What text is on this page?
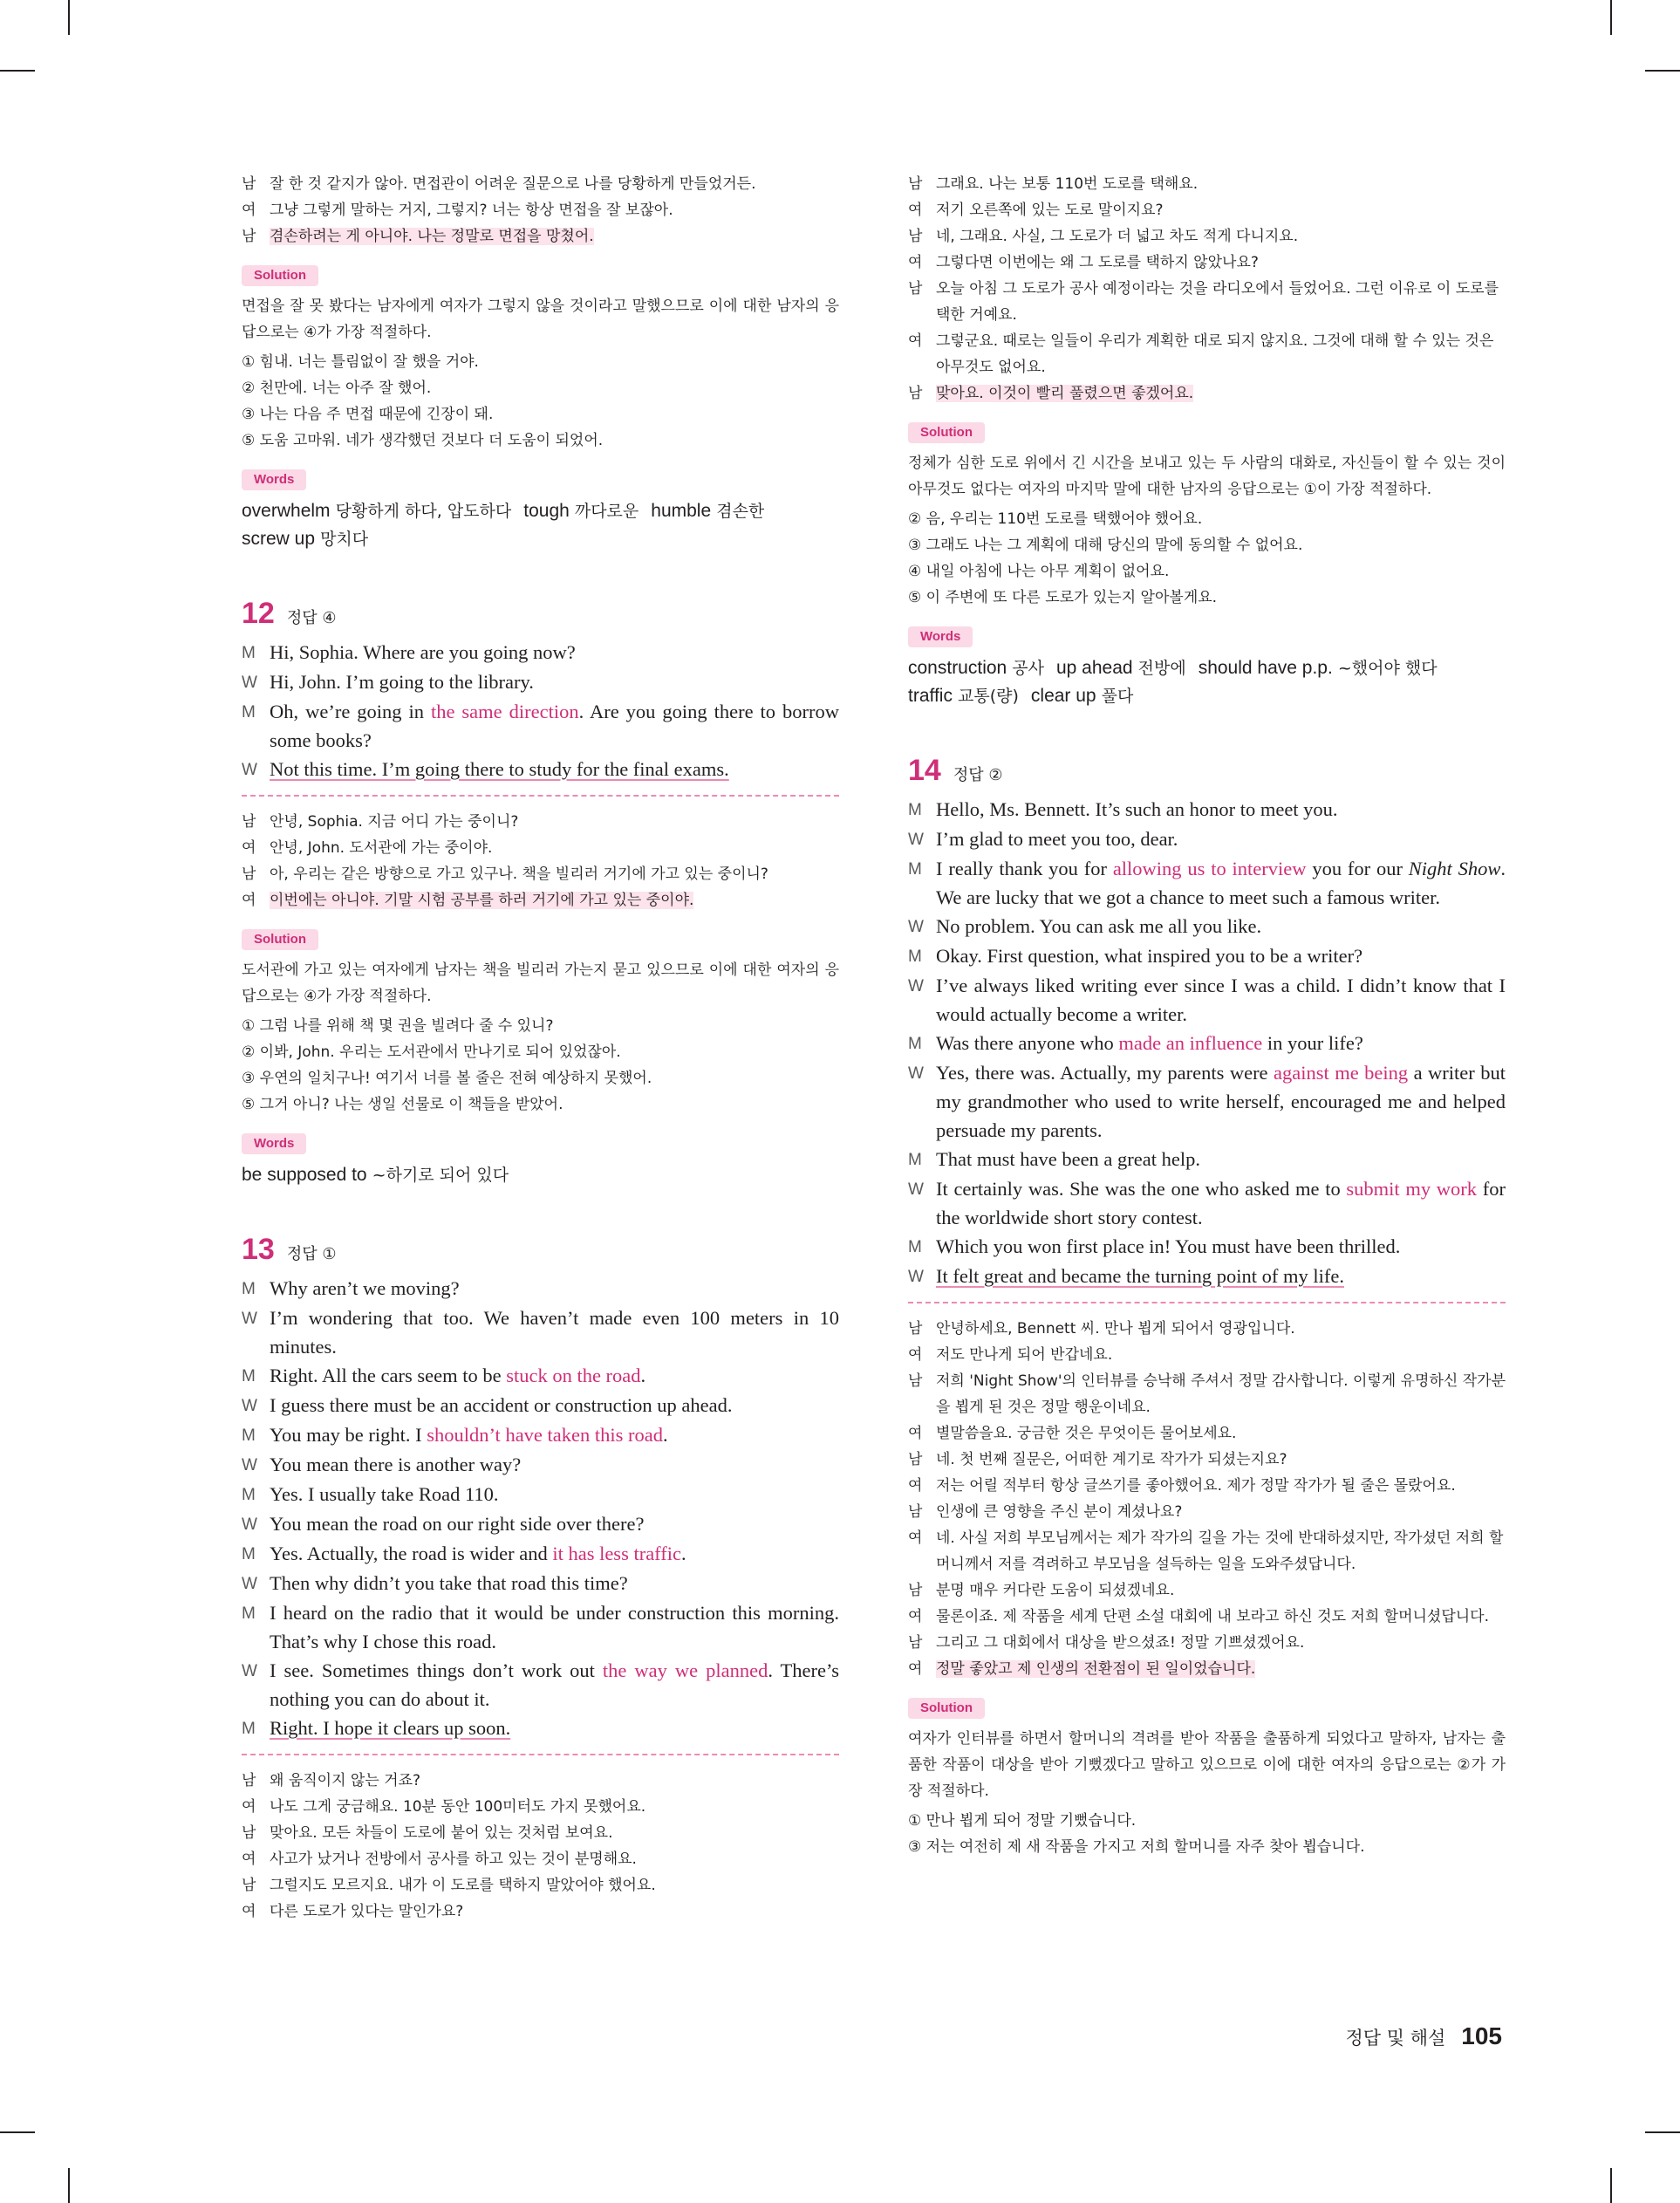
남 잘 한 것 같지가 않아. 면접관이 어려운 질문으로 나를 당황하게 만들었거든.
여 그냥 그렇게 말하는 거지, 그렇지? 너는 항상 면접을 잘 보잖아.
남 겸손하려는 게 아니야. 나는 정말로 면접을 망쳤어.
Solution
면접을 잘 못 봤다는 남자에게 여자가 그렇지 않을 것이라고 말했으므로 이에 대한 남자의 응답으로는 ④가 가장 적절하다.
① 힘내. 너는 틀림없이 잘 했을 거야.
② 천만에. 너는 아주 잘 했어.
③ 나는 다음 주 면접 때문에 긴장이 돼.
⑤ 도움 고마워. 네가 생각했던 것보다 더 도움이 되었어.
Words
overwhelm 당황하게 하다, 압도하다 tough 까다로운 humble 겸손한
screw up 망치다
12 정답 ④
M Hi, Sophia. Where are you going now?
W Hi, John. I’m going to the library.
M Oh, we’re going in the same direction. Are you going there to borrow some books?
W Not this time. I’m going there to study for the final exams.
남 안녕, Sophia. 지금 어디 가는 중이니?
여 안녕, John. 도서관에 가는 중이야.
남 아, 우리는 같은 방향으로 가고 있구나. 책을 빌리러 거기에 가고 있는 중이니?
여 이번에는 아니야. 기말 시험 공부를 하러 거기에 가고 있는 중이야.
Solution
도서관에 가고 있는 여자에게 남자는 책을 빌리러 가는지 묻고 있으므로 이에 대한 여자의 응답으로는 ④가 가장 적절하다.
① 그럼 나를 위해 책 몇 권을 빌려다 줄 수 있니?
② 이봐, John. 우리는 도서관에서 만나기로 되어 있었잖아.
③ 우연의 일치구나! 여기서 너를 볼 줄은 전혀 예상하지 못했어.
⑤ 그거 아니? 나는 생일 선물로 이 책들을 받았어.
Words
be supposed to ~하기로 되어 있다
13 정답 ①
M Why aren’t we moving?
W I’m wondering that too. We haven’t made even 100 meters in 10 minutes.
M Right. All the cars seem to be stuck on the road.
W I guess there must be an accident or construction up ahead.
M You may be right. I shouldn’t have taken this road.
W You mean there is another way?
M Yes. I usually take Road 110.
W You mean the road on our right side over there?
M Yes. Actually, the road is wider and it has less traffic.
W Then why didn’t you take that road this time?
M I heard on the radio that it would be under construction this morning. That’s why I chose this road.
W I see. Sometimes things don’t work out the way we planned. There’s nothing you can do about it.
M Right. I hope it clears up soon.
남 왜 움직이지 않는 거죠?
여 나도 그게 궁금해요. 10분 동안 100미터도 가지 못했어요.
남 맞아요. 모든 차들이 도로에 붙어 있는 것처럼 보여요.
여 사고가 났거나 전방에서 공사를 하고 있는 것이 분명해요.
남 그럴지도 모르지요. 내가 이 도로를 택하지 말았어야 했어요.
여 다른 도로가 있다는 말인가요?
남 그래요. 나는 보통 110번 도로를 택해요.
여 저기 오른쪽에 있는 도로 말이지요?
남 네, 그래요. 사실, 그 도로가 더 넓고 차도 적게 다니지요.
여 그렇다면 이번에는 왜 그 도로를 택하지 않았나요?
남 오늘 아침 그 도로가 공사 예정이라는 것을 라디오에서 들었어요. 그런 이유로 이 도로를 택한 거예요.
여 그렇군요. 때로는 일들이 우리가 계획한 대로 되지 않지요. 그것에 대해 할 수 있는 것은 아무것도 없어요.
남 맞아요. 이것이 빨리 풀렸으면 좋겠어요.
Solution
정체가 심한 도로 위에서 긴 시간을 보내고 있는 두 사람의 대화로, 자신들이 할 수 있는 것이 아무것도 없다는 여자의 마지막 말에 대한 남자의 응답으로는 ①이 가장 적절하다.
② 음, 우리는 110번 도로를 택했어야 했어요.
③ 그래도 나는 그 계획에 대해 당신의 말에 동의할 수 없어요.
④ 내일 아침에 나는 아무 계획이 없어요.
⑤ 이 주변에 또 다른 도로가 있는지 알아볼게요.
Words
construction 공사 up ahead 전방에 should have p.p. ~했어야 했다
traffic 교통(량) clear up 풀다
14 정답 ②
M Hello, Ms. Bennett. It’s such an honor to meet you.
W I’m glad to meet you too, dear.
M I really thank you for allowing us to interview you for our Night Show. We are lucky that we got a chance to meet such a famous writer.
W No problem. You can ask me all you like.
M Okay. First question, what inspired you to be a writer?
W I’ve always liked writing ever since I was a child. I didn’t know that I would actually become a writer.
M Was there anyone who made an influence in your life?
W Yes, there was. Actually, my parents were against me being a writer but my grandmother who used to write herself, encouraged me and helped persuade my parents.
M That must have been a great help.
W It certainly was. She was the one who asked me to submit my work for the worldwide short story contest.
M Which you won first place in! You must have been thrilled.
W It felt great and became the turning point of my life.
남 안녕하세요, Bennett 씨. 만나 뵙게 되어서 영광입니다.
여 저도 만나게 되어 반갑네요.
남 저희 'Night Show'의 인터뷰를 승낙해 주셔서 정말 감사합니다. 이렇게 유명하신 작가분을 뵙게 된 것은 정말 행운이네요.
여 별말씀을요. 궁금한 것은 무엇이든 물어보세요.
남 네. 첫 번째 질문은, 어떠한 계기로 작가가 되셨는지요?
여 저는 어릴 적부터 항상 글쓰기를 좋아했어요. 제가 정말 작가가 될 줄은 몰랐어요.
남 인생에 큰 영향을 주신 분이 계셨나요?
여 네. 사실 저희 부모님께서는 제가 작가의 길을 가는 것에 반대하셨지만, 작가셨던 저희 할머니께서 저를 격려하고 부모님을 설득하는 일을 도와주셨답니다.
남 분명 매우 커다란 도움이 되셨겠네요.
여 물론이죠. 제 작품을 세계 단편 소설 대회에 내 보라고 하신 것도 저희 할머니셨답니다.
남 그리고 그 대회에서 대상을 받으셨죠! 정말 기쁘셨겠어요.
여 정말 좋았고 제 인생의 전환점이 된 일이었습니다.
Solution
여자가 인터뷰를 하면서 할머니의 격려를 받아 작품을 출품하게 되었다고 말하자, 남자는 출품한 작품이 대상을 받아 기뻤겠다고 말하고 있으므로 이에 대한 여자의 응답으로는 ②가 가장 적절하다.
① 만나 뵙게 되어 정말 기뻤습니다.
③ 저는 여전히 제 새 작품을 가지고 저희 할머니를 자주 찾아 뵙습니다.
정답 및 해설 105
